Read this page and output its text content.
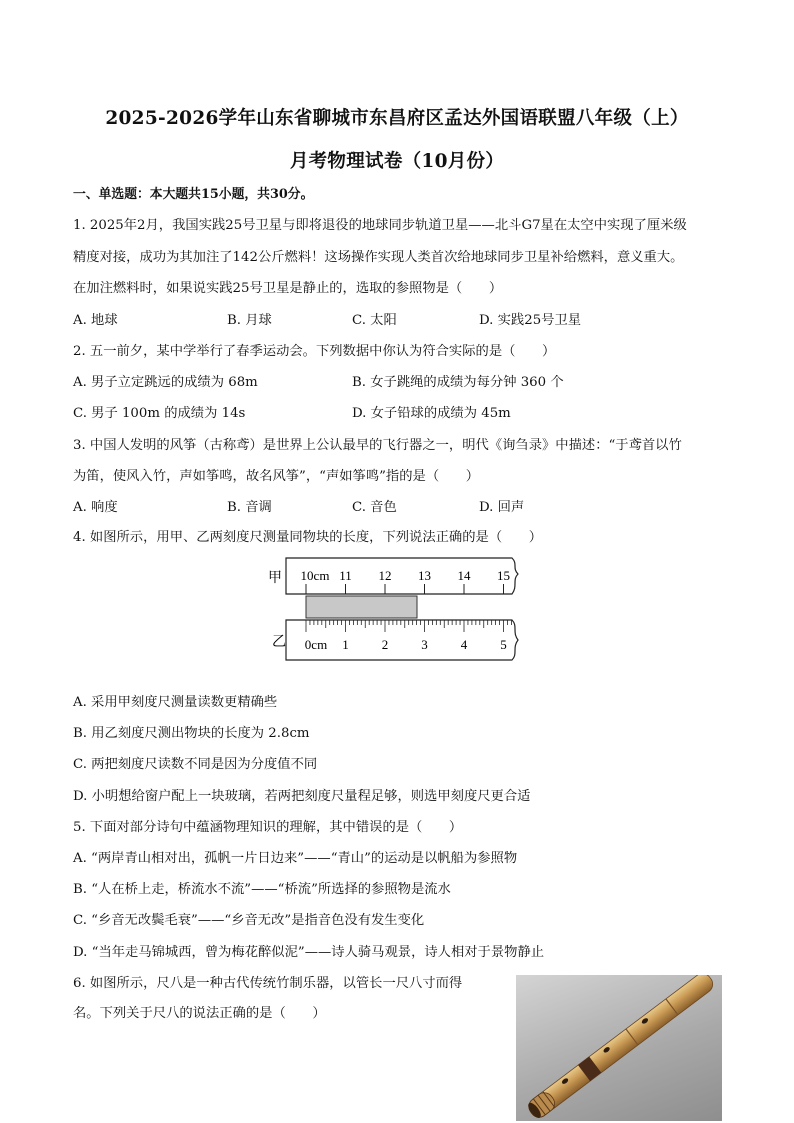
2025-2026学年山东省聊城市东昌府区孟达外国语联盟八年级（上）
月考物理试卷（10月份）
一、单选题：本大题共15小题，共30分。
1. 2025年2月，我国实践25号卫星与即将退役的地球同步轨道卫星——北斗G7星在太空中实现了厘米级
精度对接，成功为其加注了142公斤燃料！这场操作实现人类首次给地球同步卫星补给燃料，意义重大。
在加注燃料时，如果说实践25号卫星是静止的，选取的参照物是（　　）
A. 地球	B. 月球	C. 太阳	D. 实践25号卫星
2. 五一前夕，某中学举行了春季运动会。下列数据中你认为符合实际的是（　　）
A. 男子立定跳远的成绩为 68m	B. 女子跳绳的成绩为每分钟 360 个
C. 男子 100m 的成绩为 14s	D. 女子铅球的成绩为 45m
3. 中国人发明的风筝（古称鸢）是世界上公认最早的飞行器之一，明代《询刍录》中描述：“于鸢首以竹
为笛，使风入竹，声如筝鸣，故名风筝”，“声如筝鸣”指的是（　　）
A. 响度	B. 音调	C. 音色	D. 回声
4. 如图所示，用甲、乙两刻度尺测量同物块的长度，下列说法正确的是（　　）
甲
乙
10cm 11 12 13 14 15
0cm 1	2	3	4	5
A. 采用甲刻度尺测量读数更精确些
B. 用乙刻度尺测出物块的长度为 2.8cm
C. 两把刻度尺读数不同是因为分度值不同
D. 小明想给窗户配上一块玻璃，若两把刻度尺量程足够，则选甲刻度尺更合适
5. 下面对部分诗句中蕴涵物理知识的理解，其中错误的是（　　）
A. “两岸青山相对出，孤帆一片日边来”——“青山”的运动是以帆船为参照物
B. “人在桥上走，桥流水不流”——“桥流”所选择的参照物是流水
C. “乡音无改鬓毛衰”——“乡音无改”是指音色没有发生变化
D. “当年走马锦城西，曾为梅花醉似泥”——诗人骑马观景，诗人相对于景物静止
6. 如图所示，尺八是一种古代传统竹制乐器，以管长一尺八寸而得
名。下列关于尺八的说法正确的是（　　）
